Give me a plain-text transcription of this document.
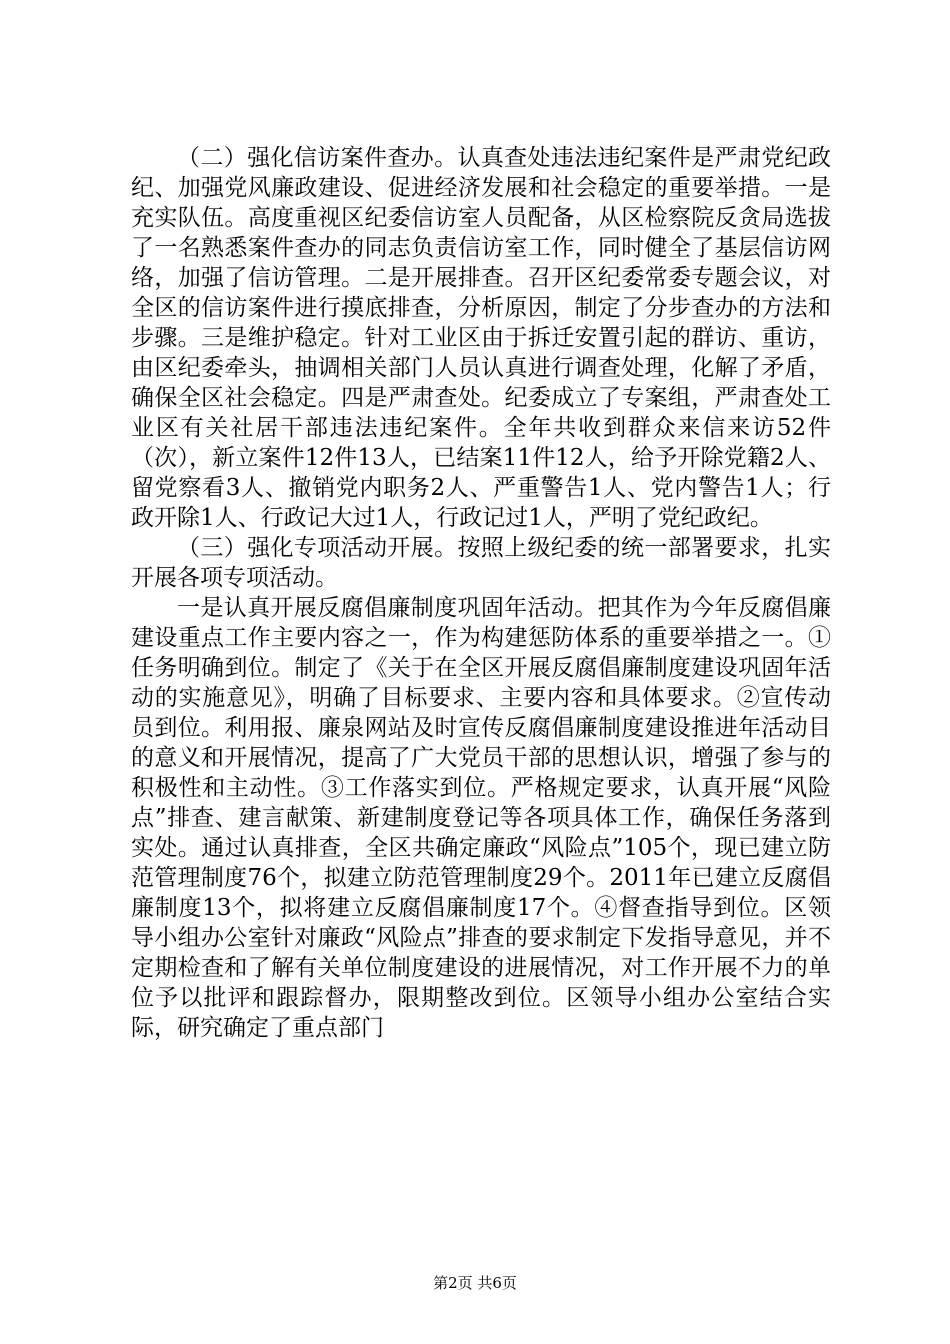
（二）强化信访案件查办。认真查处违法违纪案件是严肃党纪政纪、加强党风廉政建设、促进经济发展和社会稳定的重要举措。一是充实队伍。高度重视区纪委信访室人员配备，从区检察院反贪局选拔了一名熟悉案件查办的同志负责信访室工作，同时健全了基层信访网络，加强了信访管理。二是开展排查。召开区纪委常委专题会议，对全区的信访案件进行摸底排查，分析原因，制定了分步查办的方法和步骤。三是维护稳定。针对工业区由于拆迁安置引起的群访、重访，由区纪委牵头，抽调相关部门人员认真进行调查处理，化解了矛盾，确保全区社会稳定。四是严肃查处。纪委成立了专案组，严肃查处工业区有关社居干部违法违纪案件。全年共收到群众来信来访52件（次），新立案件12件13人，已结案11件12人，给予开除党籍2人、留党察看3人、撤销党内职务2人、严重警告1人、党内警告1人；行政开除1人、行政记大过1人，行政记过1人，严明了党纪政纪。

（三）强化专项活动开展。按照上级纪委的统一部署要求，扎实开展各项专项活动。

一是认真开展反腐倡廉制度巩固年活动。把其作为今年反腐倡廉建设重点工作主要内容之一，作为构建惩防体系的重要举措之一。①任务明确到位。制定了《关于在全区开展反腐倡廉制度建设巩固年活动的实施意见》，明确了目标要求、主要内容和具体要求。②宣传动员到位。利用报、廉泉网站及时宣传反腐倡廉制度建设推进年活动目的意义和开展情况，提高了广大党员干部的思想认识，增强了参与的积极性和主动性。③工作落实到位。严格规定要求，认真开展“风险点”排查、建言献策、新建制度登记等各项具体工作，确保任务落到实处。通过认真排查，全区共确定廉政“风险点”105个，现已建立防范管理制度76个，拟建立防范管理制度29个。2011年已建立反腐倡廉制度13个，拟将建立反腐倡廉制度17个。④督查指导到位。区领导小组办公室针对廉政“风险点”排查的要求制定下发指导意见，并不定期检查和了解有关单位制度建设的进展情况，对工作开展不力的单位予以批评和跟踪督办，限期整改到位。区领导小组办公室结合实际，研究确定了重点部门

第2页 共6页
